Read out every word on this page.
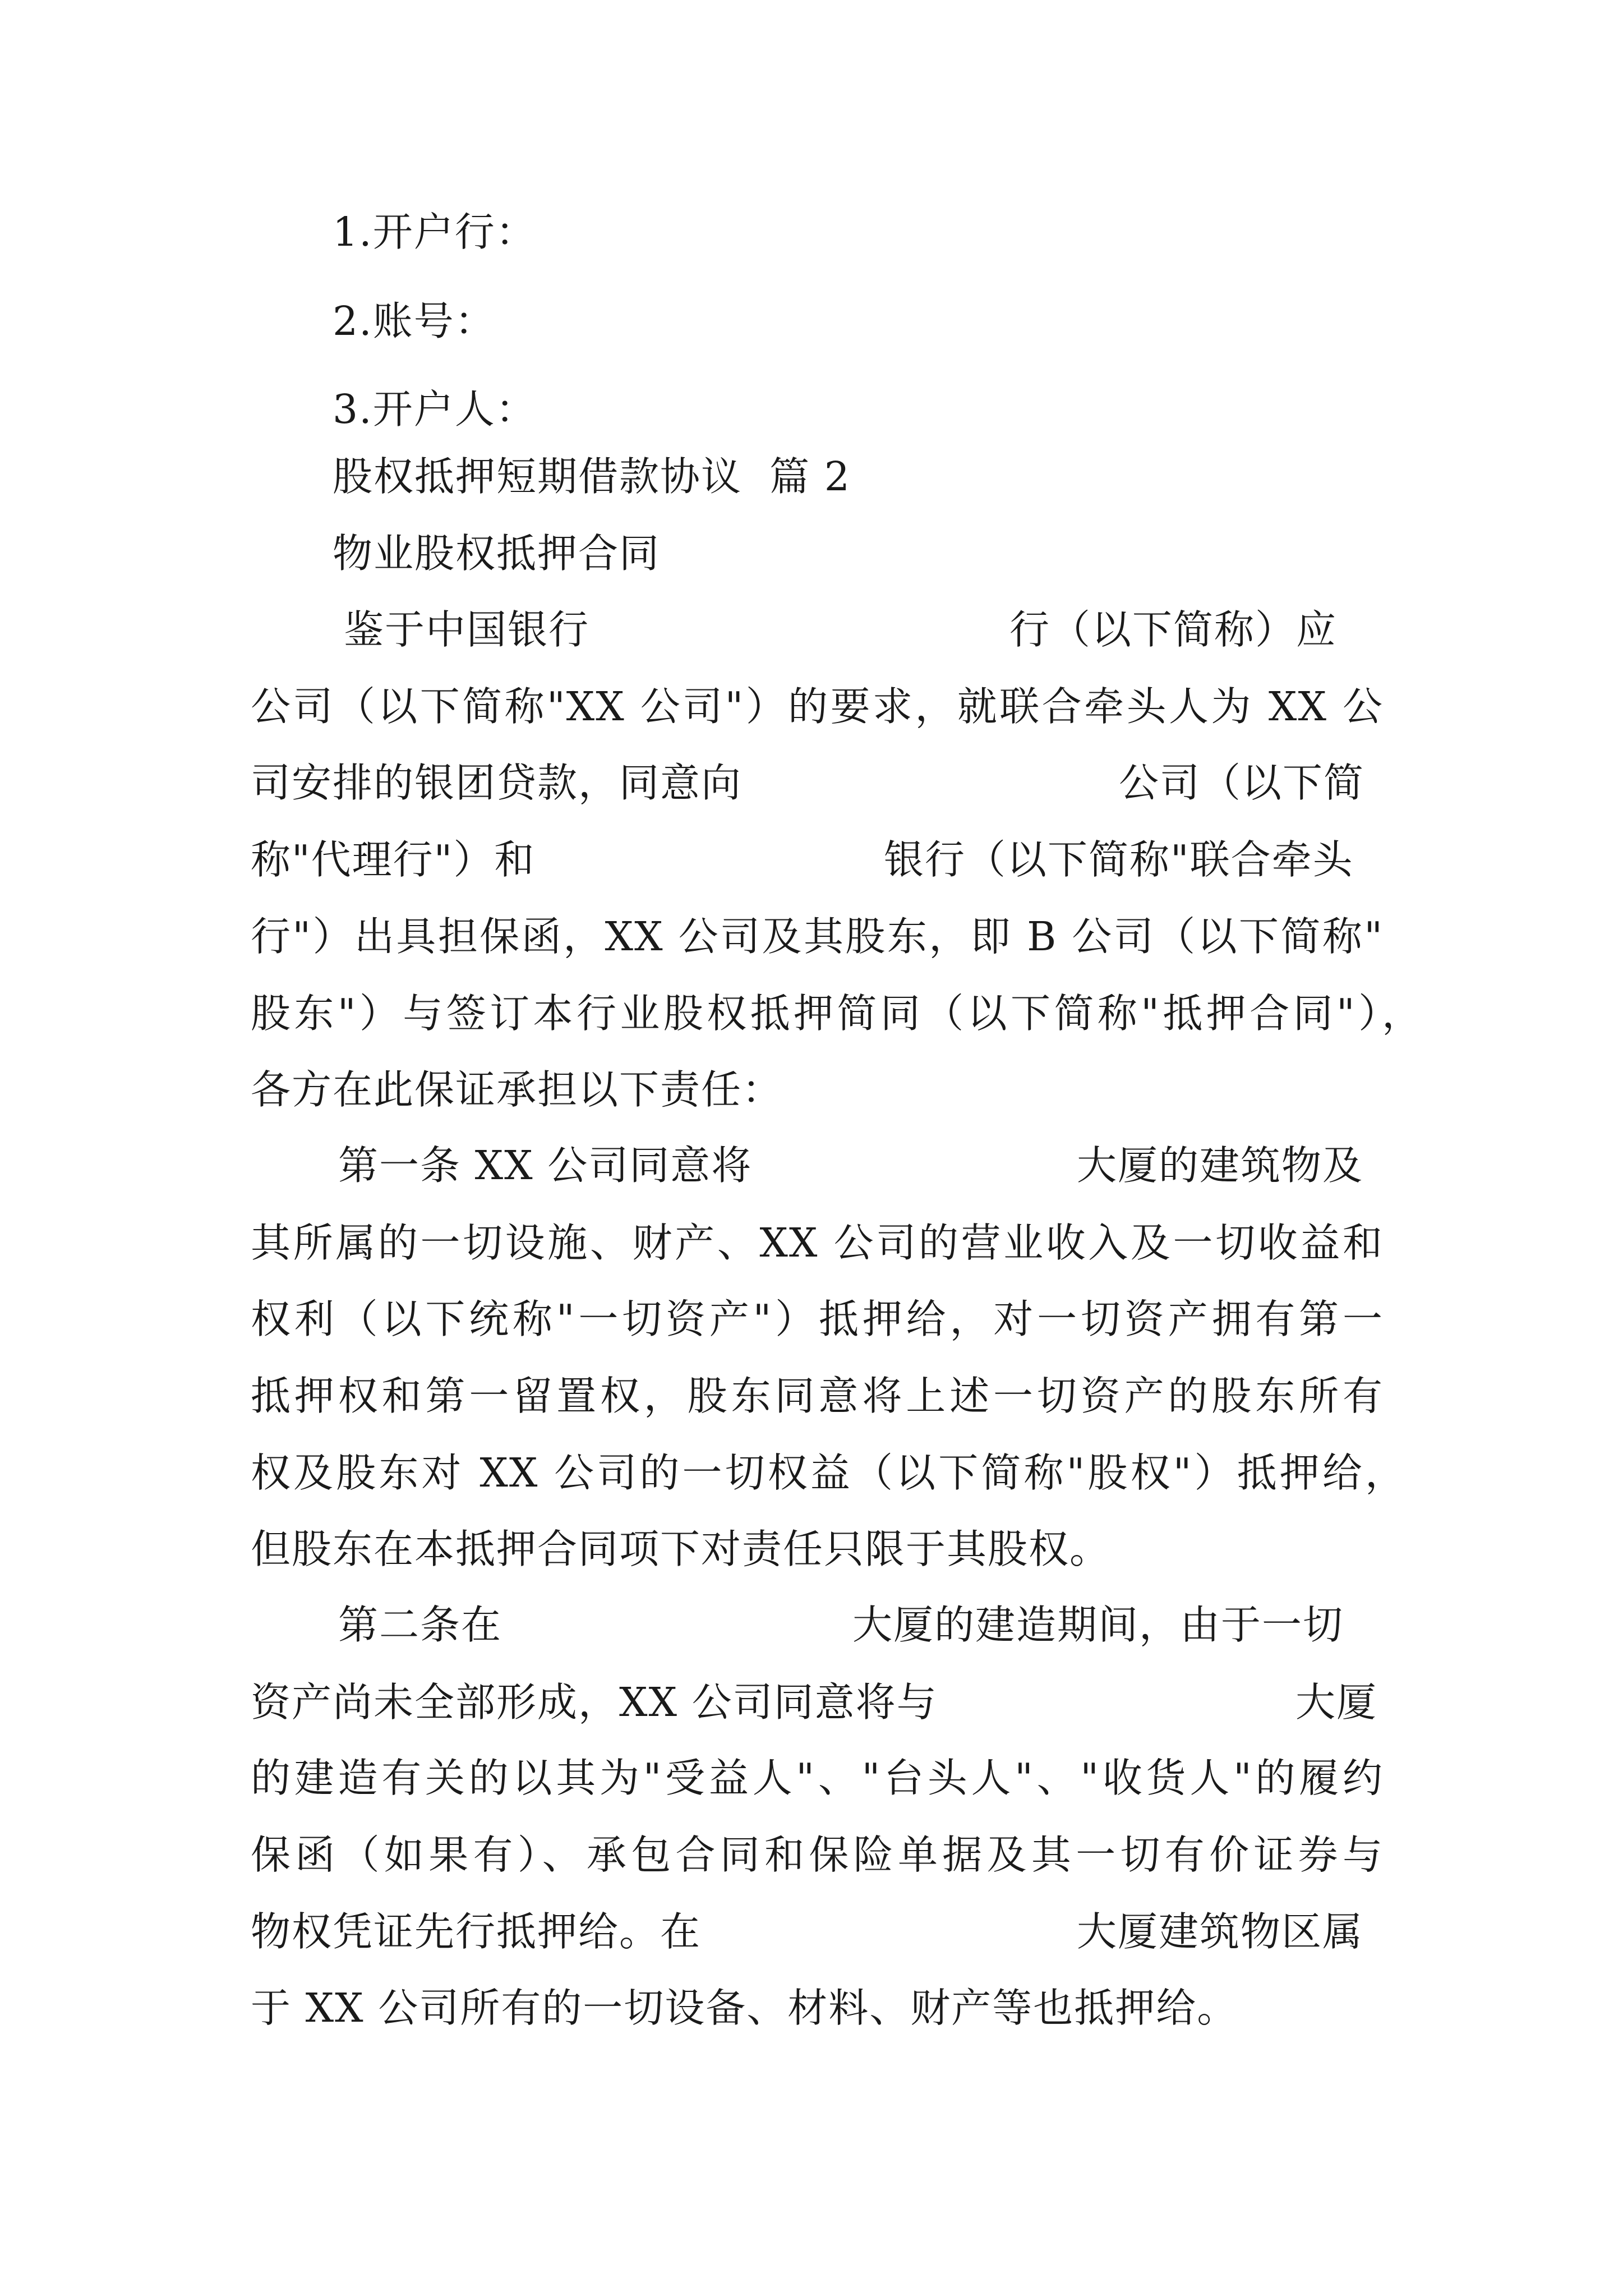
1.开户行：
2.账号：
3.开户人：
股权抵押短期借款协议  篇 2
物业股权抵押合同
鉴于中国银行	行（以下简称）应
公司（以下简称"XX 公司"）的要求，就联合牵头人为 XX 公
司安排的银团贷款，同意向	公司（以下简
称"代理行"）和	银行（以下简称"联合牵头
行"）出具担保函，XX 公司及其股东，即 B 公司（以下简称"
股东"）与签订本行业股权抵押简同（以下简称"抵押合同"），
各方在此保证承担以下责任：
第一条 XX 公司同意将	大厦的建筑物及
其所属的一切设施、财产、XX 公司的营业收入及一切收益和
权利（以下统称"一切资产"）抵押给，对一切资产拥有第一
抵押权和第一留置权，股东同意将上述一切资产的股东所有
权及股东对 XX 公司的一切权益（以下简称"股权"）抵押给，
但股东在本抵押合同项下对责任只限于其股权。
第二条在	大厦的建造期间，由于一切
资产尚未全部形成，XX 公司同意将与	大厦
的建造有关的以其为"受益人"、"台头人"、"收货人"的履约
保函（如果有）、承包合同和保险单据及其一切有价证券与
物权凭证先行抵押给。在	大厦建筑物区属
于 XX 公司所有的一切设备、材料、财产等也抵押给。
